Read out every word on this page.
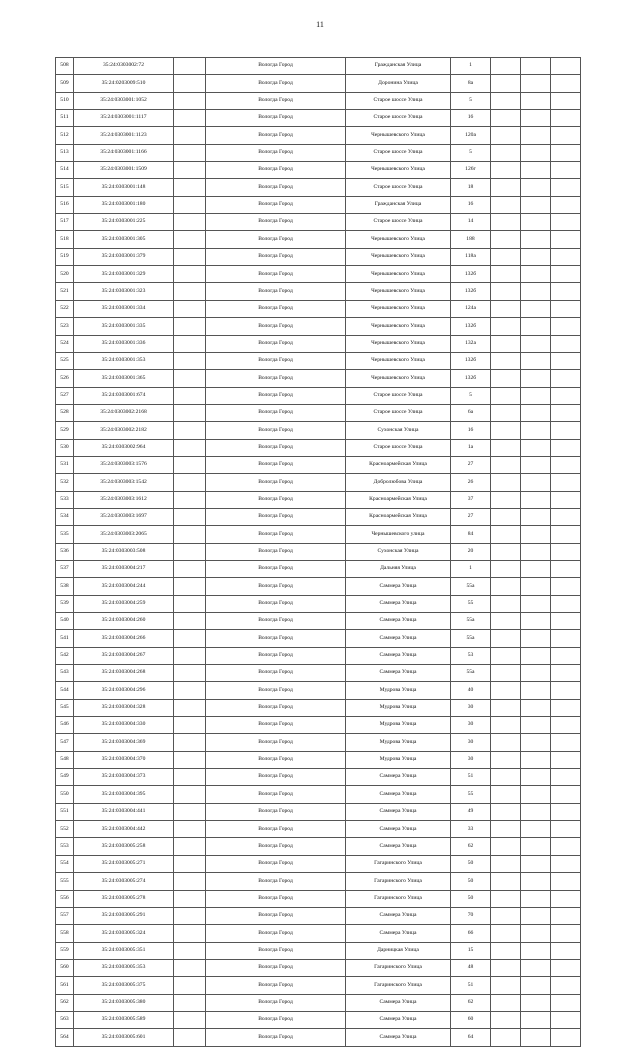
11
508	35:24:0303002:72		Вологда Город	Гражданская Улица	1			
509	35:24:0203009:510		Вологда Город	Доронина Улица	8а			
510	35:24:0303001:1052		Вологда Город	Старое шоссе Улица	5			
511	35:24:0303001:1117		Вологда Город	Старое шоссе Улица	16			
512	35:24:0303001:1123		Вологда Город	Чернышевского Улица	120а			
513	35:24:0303001:1166		Вологда Город	Старое шоссе Улица	5			
514	35:24:0303001:1509		Вологда Город	Чернышевского Улица	126г			
515	35:24:0303001:148		Вологда Город	Старое шоссе Улица	18			
516	35:24:0303001:180		Вологда Город	Гражданская Улица	16			
517	35:24:0303001:225		Вологда Город	Старое шоссе Улица	14			
518	35:24:0303001:305		Вологда Город	Чернышевского Улица	188			
519	35:24:0303001:379		Вологда Город	Чернышевского Улица	118а			
520	35:24:0303001:329		Вологда Город	Чернышевского Улица	132б			
521	35:24:0303001:323		Вологда Город	Чернышевского Улица	132б			
522	35:24:0303001:334		Вологда Город	Чернышевского Улица	124а			
523	35:24:0303001:335		Вологда Город	Чернышевского Улица	132б			
524	35:24:0303001:336		Вологда Город	Чернышевского Улица	132а			
525	35:24:0303001:353		Вологда Город	Чернышевского Улица	132б			
526	35:24:0303001:365		Вологда Город	Чернышевского Улица	132б			
527	35:24:0303001:674		Вологда Город	Старое шоссе Улица	5			
528	35:24:0303002:2168		Вологда Город	Старое шоссе Улица	6а			
529	35:24:0303002:2182		Вологда Город	Сухонская Улица	16			
530	35:24:0303002:964		Вологда Город	Старое шоссе Улица	1а			
531	35:24:0303003:1576		Вологда Город	Красноармейская Улица	27			
532	35:24:0303003:1542		Вологда Город	Добролюбова Улица	26			
533	35:24:0303003:1612		Вологда Город	Красноармейская Улица	37			
534	35:24:0303003:1697		Вологда Город	Красноармейская Улица	27			
535	35:24:0303003:2065		Вологда Город	Чернышевского улица	84			
536	35:24:0303003:508		Вологда Город	Сухонская Улица	20			
537	35:24:0303004:217		Вологда Город	Дальняя Улица	1			
538	35:24:0303004:244		Вологда Город	Саммера Улица	55а			
539	35:24:0303004:259		Вологда Город	Саммера Улица	55			
540	35:24:0303004:260		Вологда Город	Саммера Улица	55а			
541	35:24:0303004:266		Вологда Город	Саммера Улица	55а			
542	35:24:0303004:267		Вологда Город	Саммера Улица	53			
543	35:24:0303004:268		Вологда Город	Саммера Улица	55а			
544	35:24:0303004:296		Вологда Город	Мудрова Улица	40			
545	35:24:0303004:328		Вологда Город	Мудрова Улица	30			
546	35:24:0303004:330		Вологда Город	Мудрова Улица	30			
547	35:24:0303004:369		Вологда Город	Мудрова Улица	30			
548	35:24:0303004:370		Вологда Город	Мудрова Улица	30			
549	35:24:0303004:373		Вологда Город	Саммера Улица	51			
550	35:24:0303004:395		Вологда Город	Саммера Улица	55			
551	35:24:0303004:441		Вологда Город	Саммера Улица	49			
552	35:24:0303004:442		Вологда Город	Саммера Улица	33			
553	35:24:0303005:258		Вологда Город	Саммера Улица	62			
554	35:24:0303005:271		Вологда Город	Гагаринского Улица	50			
555	35:24:0303005:274		Вологда Город	Гагаринского Улица	50			
556	35:24:0303005:278		Вологда Город	Гагаринского Улица	50			
557	35:24:0303005:291		Вологда Город	Саммера Улица	70			
558	35:24:0303005:324		Вологда Город	Саммера Улица	66			
559	35:24:0303005:351		Вологда Город	Дарницкая Улица	15			
560	35:24:0303005:353		Вологда Город	Гагаринского Улица	48			
561	35:24:0303005:375		Вологда Город	Гагаринского Улица	51			
562	35:24:0303005:380		Вологда Город	Саммера Улица	62			
563	35:24:0303005:589		Вологда Город	Саммера Улица	60			
564	35:24:0303005:601		Вологда Город	Саммера Улица	64			
